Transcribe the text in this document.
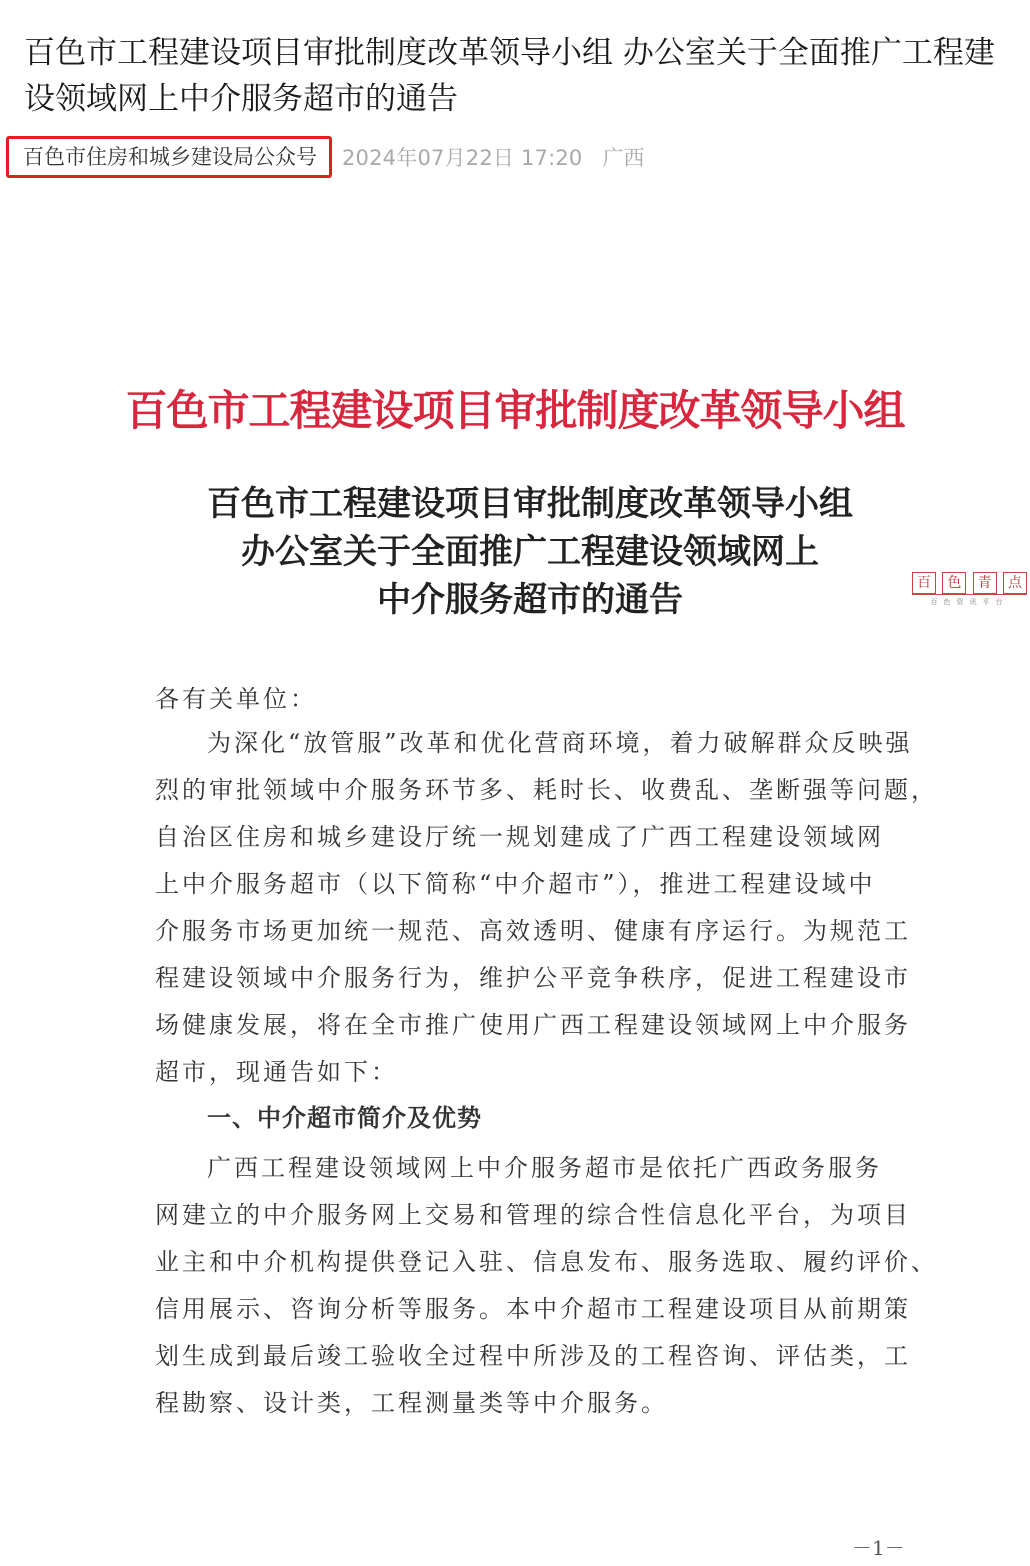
百色市工程建设项目审批制度改革领导小组 办公室关于全面推广工程建设领域网上中介服务超市的通告
百色市住房和城乡建设局公众号	2024年07月22日 17:20 广西
百色市工程建设项目审批制度改革领导小组
百色市工程建设项目审批制度改革领导小组
办公室关于全面推广工程建设领域网上
中介服务超市的通告
各有关单位：
为深化“放管服”改革和优化营商环境，着力破解群众反映强
烈的审批领域中介服务环节多、耗时长、收费乱、垄断强等问题，
自治区住房和城乡建设厅统一规划建成了广西工程建设领域网
上中介服务超市（以下简称“中介超市”），推进工程建设域中
介服务市场更加统一规范、高效透明、健康有序运行。为规范工
程建设领域中介服务行为，维护公平竞争秩序，促进工程建设市
场健康发展，将在全市推广使用广西工程建设领域网上中介服务
超市，现通告如下：
一、中介超市简介及优势
广西工程建设领域网上中介服务超市是依托广西政务服务
网建立的中介服务网上交易和管理的综合性信息化平台，为项目
业主和中介机构提供登记入驻、信息发布、服务选取、履约评价、
信用展示、咨询分析等服务。本中介超市工程建设项目从前期策
划生成到最后竣工验收全过程中所涉及的工程咨询、评估类，工
程勘察、设计类，工程测量类等中介服务。
－1－
百	色	青	点
百色资讯平台
